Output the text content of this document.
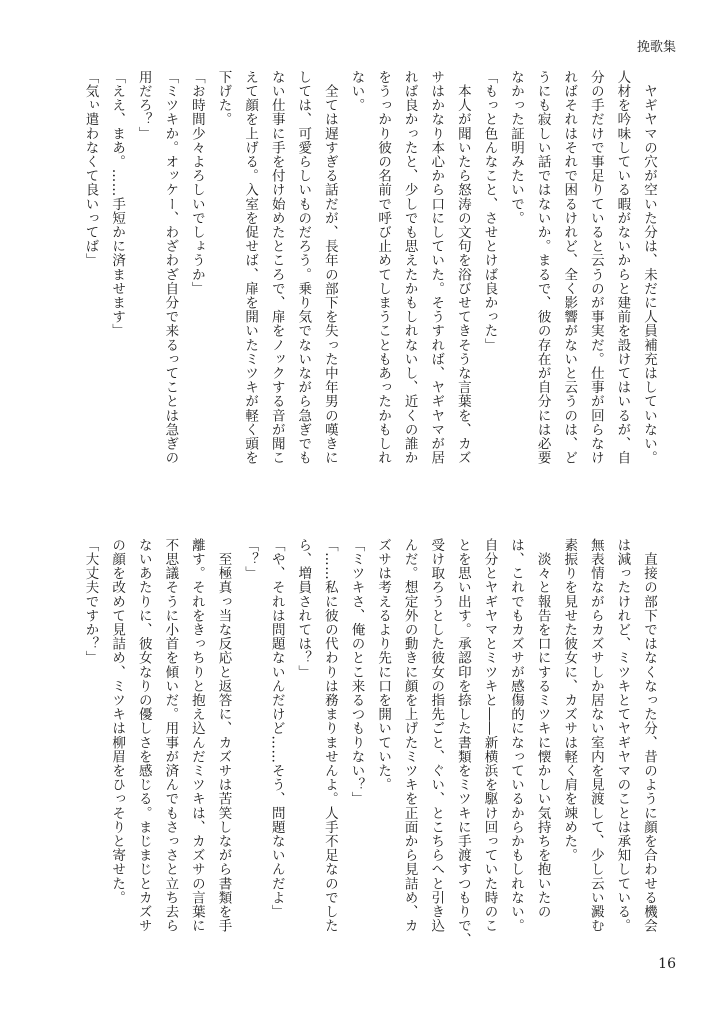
挽歌集
　ヤギヤマの穴が空いた分は、未だに人員補充はしていない。
人材を吟味している暇がないからと建前を設けてはいるが、自
分の手だけで事足りていると云うのが事実だ。仕事が回らなけ
ればそれはそれで困るけれど、全く影響がないと云うのは、ど
うにも寂しい話ではないか。まるで、彼の存在が自分には必要
なかった証明みたいで。
「もっと色んなこと、させとけば良かった」
　本人が聞いたら怒涛の文句を浴びせてきそうな言葉を、カズ
サはかなり本心から口にしていた。そうすれば、ヤギヤマが居
れば良かったと、少しでも思えたかもしれないし、近くの誰か
をうっかり彼の名前で呼び止めてしまうこともあったかもしれ
ない。
　全ては遅すぎる話だが、長年の部下を失った中年男の嘆きに
しては、可愛らしいものだろう。乗り気でないながら急ぎでも
ない仕事に手を付け始めたところで、扉をノックする音が聞こ
えて顔を上げる。入室を促せば、扉を開いたミツキが軽く頭を
下げた。
「お時間少々よろしいでしょうか」
「ミツキか。オッケー、わざわざ自分で来るってことは急ぎの
用だろ？」
「ええ、まあ。……手短かに済ませます」
「気ぃ遣わなくて良いってば」
　直接の部下ではなくなった分、昔のように顔を合わせる機会
は減ったけれど、ミツキとてヤギヤマのことは承知している。
無表情ながらカズサしか居ない室内を見渡して、少し云い澱む
素振りを見せた彼女に、カズサは軽く肩を竦めた。
　淡々と報告を口にするミツキに懐かしい気持ちを抱いたの
は、これでもカズサが感傷的になっているからかもしれない。
自分とヤギヤマとミツキと――新横浜を駆け回っていた時のこ
とを思い出す。承認印を捺した書類をミツキに手渡すつもりで、
受け取ろうとした彼女の指先ごと、ぐい、とこちらへと引き込
んだ。想定外の動きに顔を上げたミツキを正面から見詰め、カ
ズサは考えるより先に口を開いていた。
「ミツキさ、俺のとこ来るつもりない？」
「……私に彼の代わりは務まりませんよ。人手不足なのでした
ら、増員されては？」
「や、それは問題ないんだけど……そう、問題ないんだよ」
「？」
　至極真っ当な反応と返答に、カズサは苦笑しながら書類を手
離す。それをきっちりと抱え込んだミツキは、カズサの言葉に
不思議そうに小首を傾いだ。用事が済んでもさっさと立ち去ら
ないあたりに、彼女なりの優しさを感じる。まじまじとカズサ
の顔を改めて見詰め、ミツキは柳眉をひっそりと寄せた。
「大丈夫ですか？」
16
